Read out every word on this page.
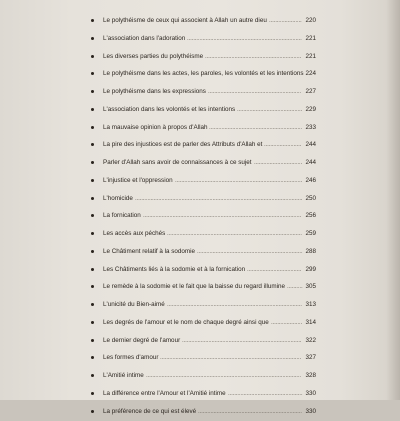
Le polythéisme de ceux qui associent à Allah un autre dieu ..................... 220
L'association dans l'adoration .......................................................................... 221
Les diverses parties du polythéisme .............................................................. 221
Le polythéisme dans les actes, les paroles, les volontés et les intentions 224
Le polythéisme dans les expressions ............................................................ 227
L'association dans les volontés et les intentions .......................................... 229
La mauvaise opinion à propos d'Allah ............................................................ 233
La pire des injustices est de parler des Attributs d'Allah et ........................ 244
Parler d'Allah sans avoir de connaissances à ce sujet ............................... 244
L'injustice et l'oppression .................................................................................. 246
L'homicide ............................................................................................................ 250
La fornication ...................................................................................................... 256
Les accès aux péchés ....................................................................................... 259
Le Châtiment relatif à la sodomie .................................................................... 288
Les Châtiments liés à la sodomie et à la fornication ................................... 299
Le remède à la sodomie et le fait que la baisse du regard illumine .......... 305
L'unicité du Bien-aimé ....................................................................................... 313
Les degrés de l'amour et le nom de chaque degré ainsi que .................... 314
Le dernier degré de l'amour ............................................................................. 322
Les formes d'amour ........................................................................................... 327
L'Amitié intime .................................................................................................... 328
La différence entre l'Amour et l'Amitié intime ................................................ 330
La préférence de ce qui est élevé ................................................................... 330
